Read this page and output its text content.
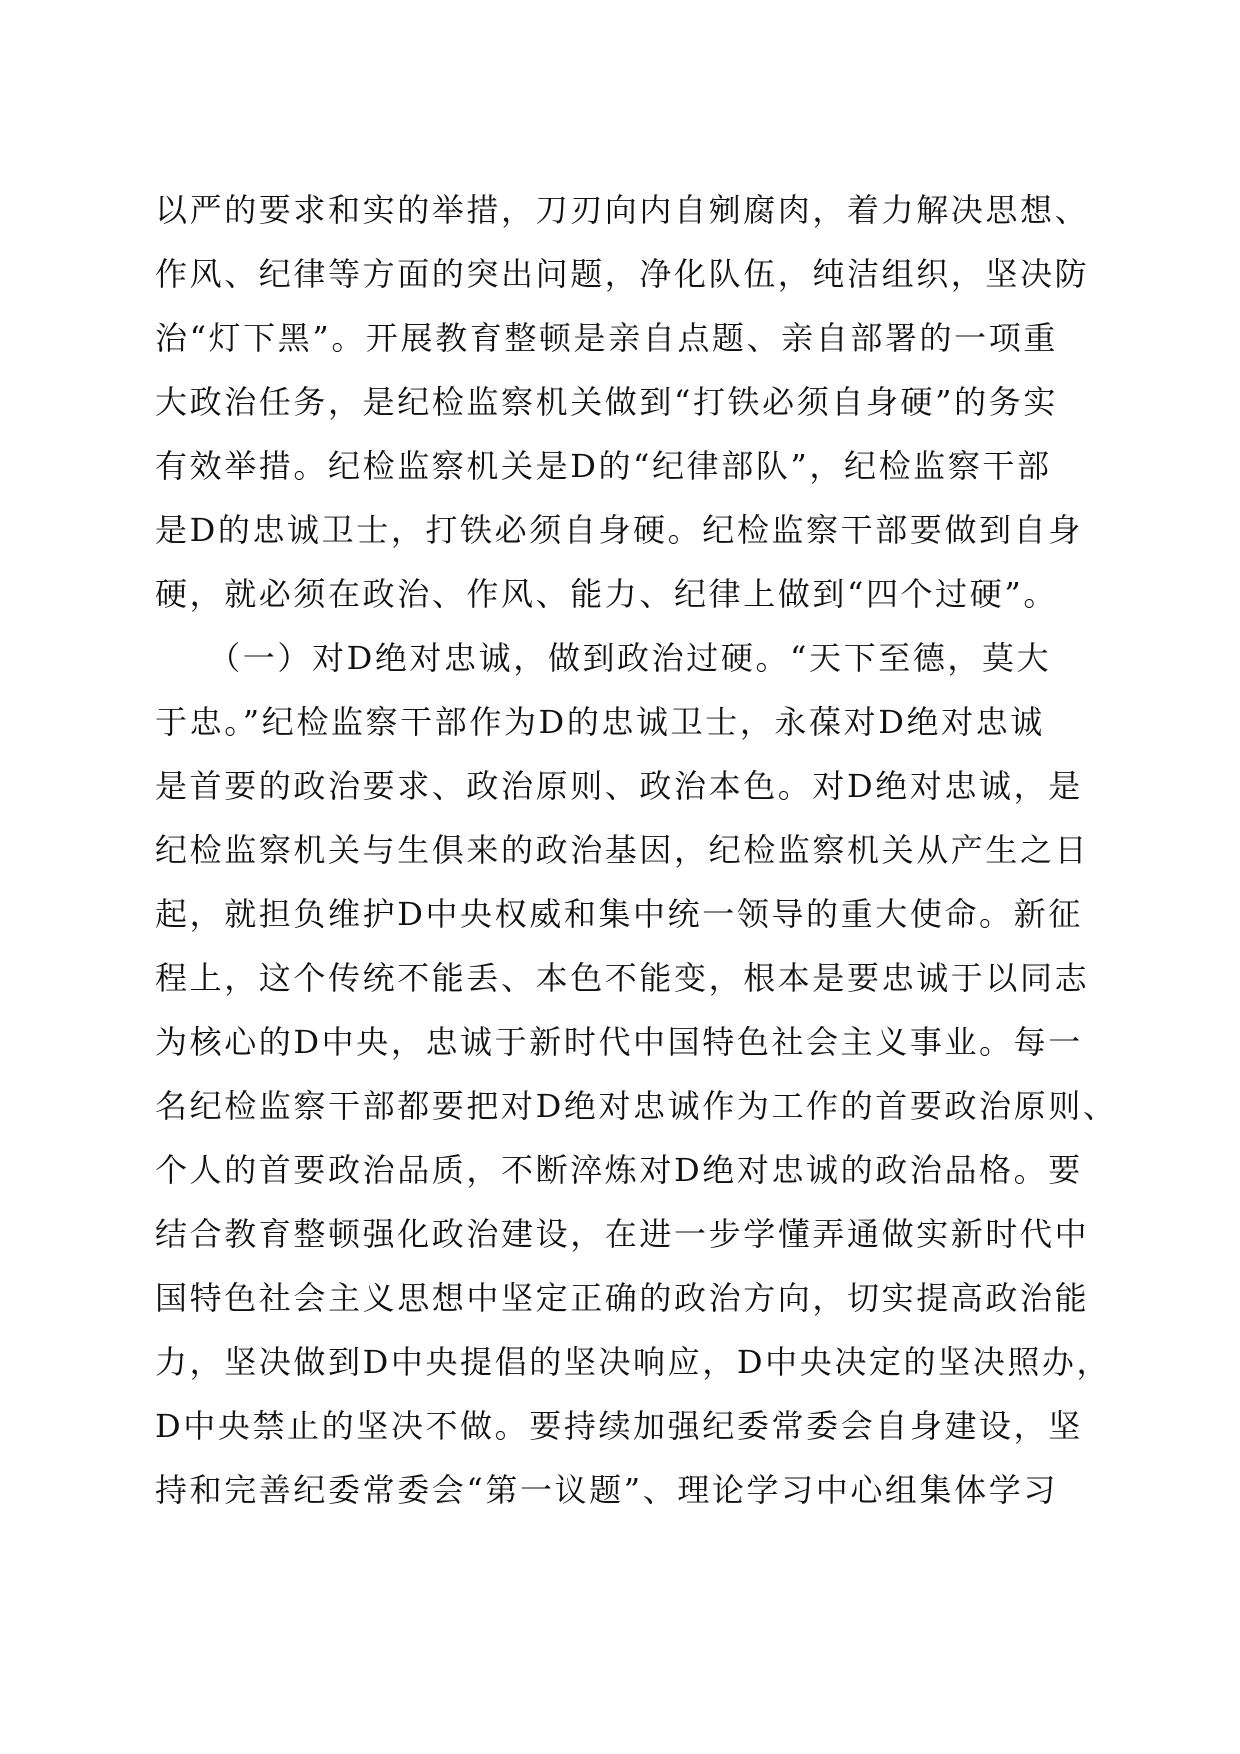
以严的要求和实的举措，刀刃向内自剜腐肉，着力解决思想、
作风、纪律等方面的突出问题，净化队伍，纯洁组织，坚决防
治“灯下黑”。开展教育整顿是亲自点题、亲自部署的一项重
大政治任务，是纪检监察机关做到“打铁必须自身硬”的务实
有效举措。纪检监察机关是D的“纪律部队”，纪检监察干部
是D的忠诚卫士，打铁必须自身硬。纪检监察干部要做到自身
硬，就必须在政治、作风、能力、纪律上做到“四个过硬”。
　　（一）对D绝对忠诚，做到政治过硬。“天下至德，莫大
于忠。”纪检监察干部作为D的忠诚卫士，永葆对D绝对忠诚
是首要的政治要求、政治原则、政治本色。对D绝对忠诚，是
纪检监察机关与生俱来的政治基因，纪检监察机关从产生之日
起，就担负维护D中央权威和集中统一领导的重大使命。新征
程上，这个传统不能丢、本色不能变，根本是要忠诚于以同志
为核心的D中央，忠诚于新时代中国特色社会主义事业。每一
名纪检监察干部都要把对D绝对忠诚作为工作的首要政治原则、
个人的首要政治品质，不断淬炼对D绝对忠诚的政治品格。要
结合教育整顿强化政治建设，在进一步学懂弄通做实新时代中
国特色社会主义思想中坚定正确的政治方向，切实提高政治能
力，坚决做到D中央提倡的坚决响应，D中央决定的坚决照办，
D中央禁止的坚决不做。要持续加强纪委常委会自身建设，坚
持和完善纪委常委会“第一议题”、理论学习中心组集体学习
